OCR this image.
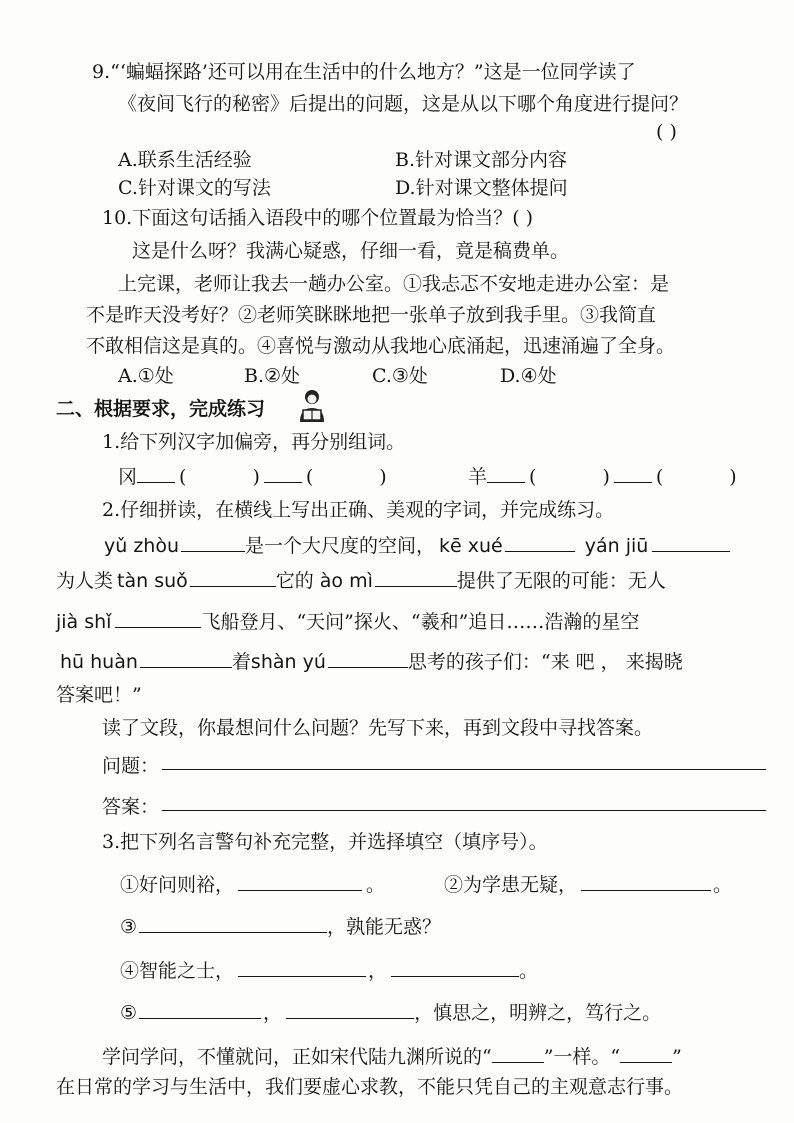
9.“‘蝙蝠探路’还可以用在生活中的什么地方？”这是一位同学读了
《夜间飞行的秘密》后提出的问题，这是从以下哪个角度进行提问？
( )
A.联系生活经验	B.针对课文部分内容
C.针对课文的写法	D.针对课文整体提问
10.下面这句话插入语段中的哪个位置最为恰当？( )
这是什么呀？我满心疑惑，仔细一看，竟是稿费单。
上完课，老师让我去一趟办公室。①我忐忑不安地走进办公室：是
不是昨天没考好？②老师笑眯眯地把一张单子放到我手里。③我简直
不敢相信这是真的。④喜悦与激动从我地心底涌起，迅速涌遍了全身。
A.①处	B.②处	C.③处	D.④处
二、根据要求，完成练习
1.给下列汉字加偏旁，再分别组词。
冈 (	) (	)	羊 (	) (	)
2.仔细拼读，在横线上写出正确、美观的字词，并完成练习。
yǔ zhòu	是一个大尺度的空间， kē xué	yán jiū
为人类 tàn suǒ	它的 ào mì	提供了无限的可能：无人
jià shǐ	飞船登月、“天问”探火、“羲和”追日……浩瀚的星空
hū huàn	着shàn yú	思考的孩子们：“来 吧 ， 来揭晓
答案吧！”
读了文段，你最想问什么问题？先写下来，再到文段中寻找答案。
问题：
答案：
3.把下列名言警句补充完整，并选择填空（填序号）。
①好问则裕，	。	②为学患无疑，	。
③	，孰能无惑？
④智能之士，	，	。
⑤	，	，慎思之，明辨之，笃行之。
学问学问，不懂就问，正如宋代陆九渊所说的“	”一样。“	”
在日常的学习与生活中，我们要虚心求教，不能只凭自己的主观意志行事。
